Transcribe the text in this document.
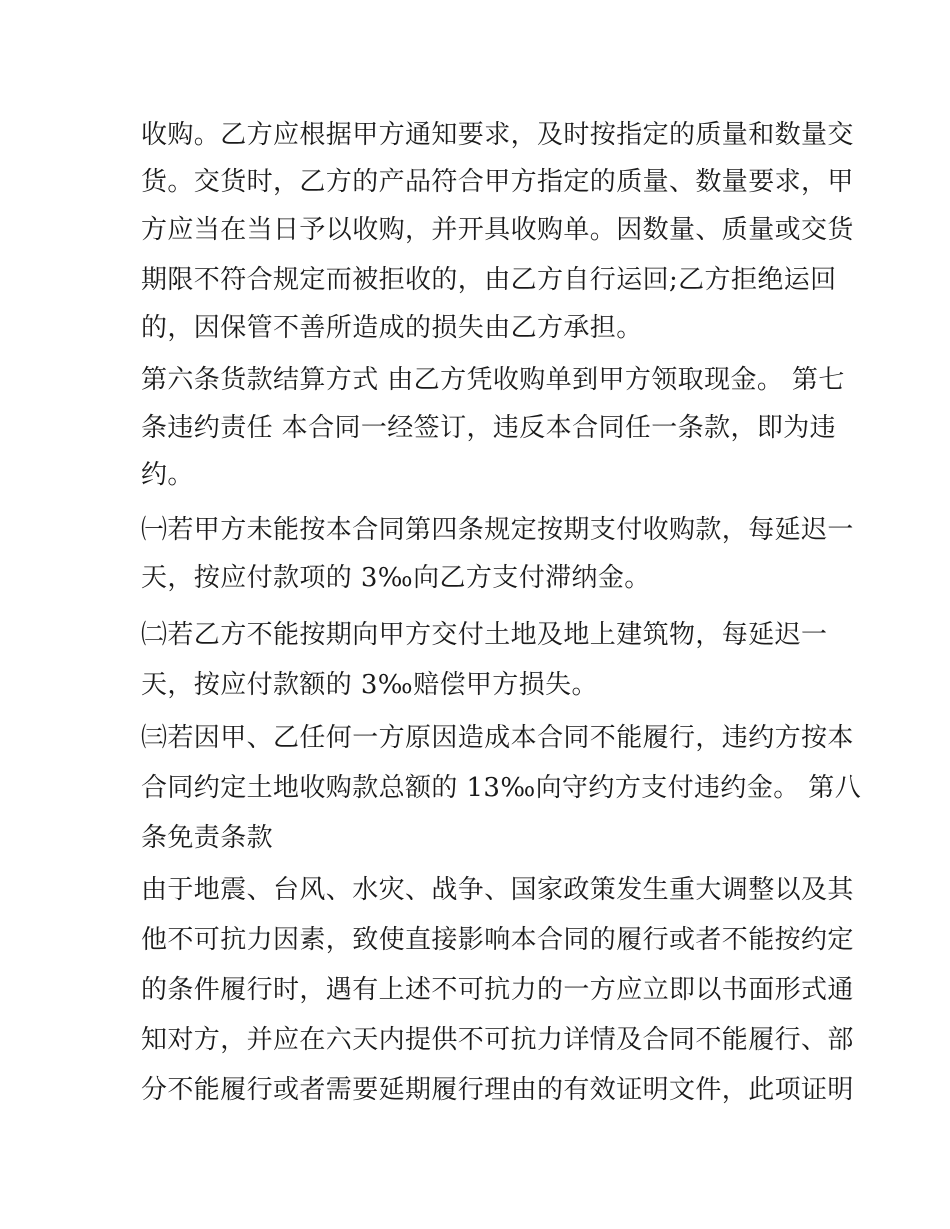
收购。乙方应根据甲方通知要求，及时按指定的质量和数量交
货。交货时，乙方的产品符合甲方指定的质量、数量要求，甲
方应当在当日予以收购，并开具收购单。因数量、质量或交货
期限不符合规定而被拒收的，由乙方自行运回;乙方拒绝运回
的，因保管不善所造成的损失由乙方承担。
第六条货款结算方式 由乙方凭收购单到甲方领取现金。 第七
条违约责任 本合同一经签订，违反本合同任一条款，即为违
约。
㈠若甲方未能按本合同第四条规定按期支付收购款，每延迟一
天，按应付款项的 3‰向乙方支付滞纳金。
㈡若乙方不能按期向甲方交付土地及地上建筑物，每延迟一
天，按应付款额的 3‰赔偿甲方损失。
㈢若因甲、乙任何一方原因造成本合同不能履行，违约方按本
合同约定土地收购款总额的 13‰向守约方支付违约金。 第八
条免责条款
由于地震、台风、水灾、战争、国家政策发生重大调整以及其
他不可抗力因素，致使直接影响本合同的履行或者不能按约定
的条件履行时，遇有上述不可抗力的一方应立即以书面形式通
知对方，并应在六天内提供不可抗力详情及合同不能履行、部
分不能履行或者需要延期履行理由的有效证明文件，此项证明
